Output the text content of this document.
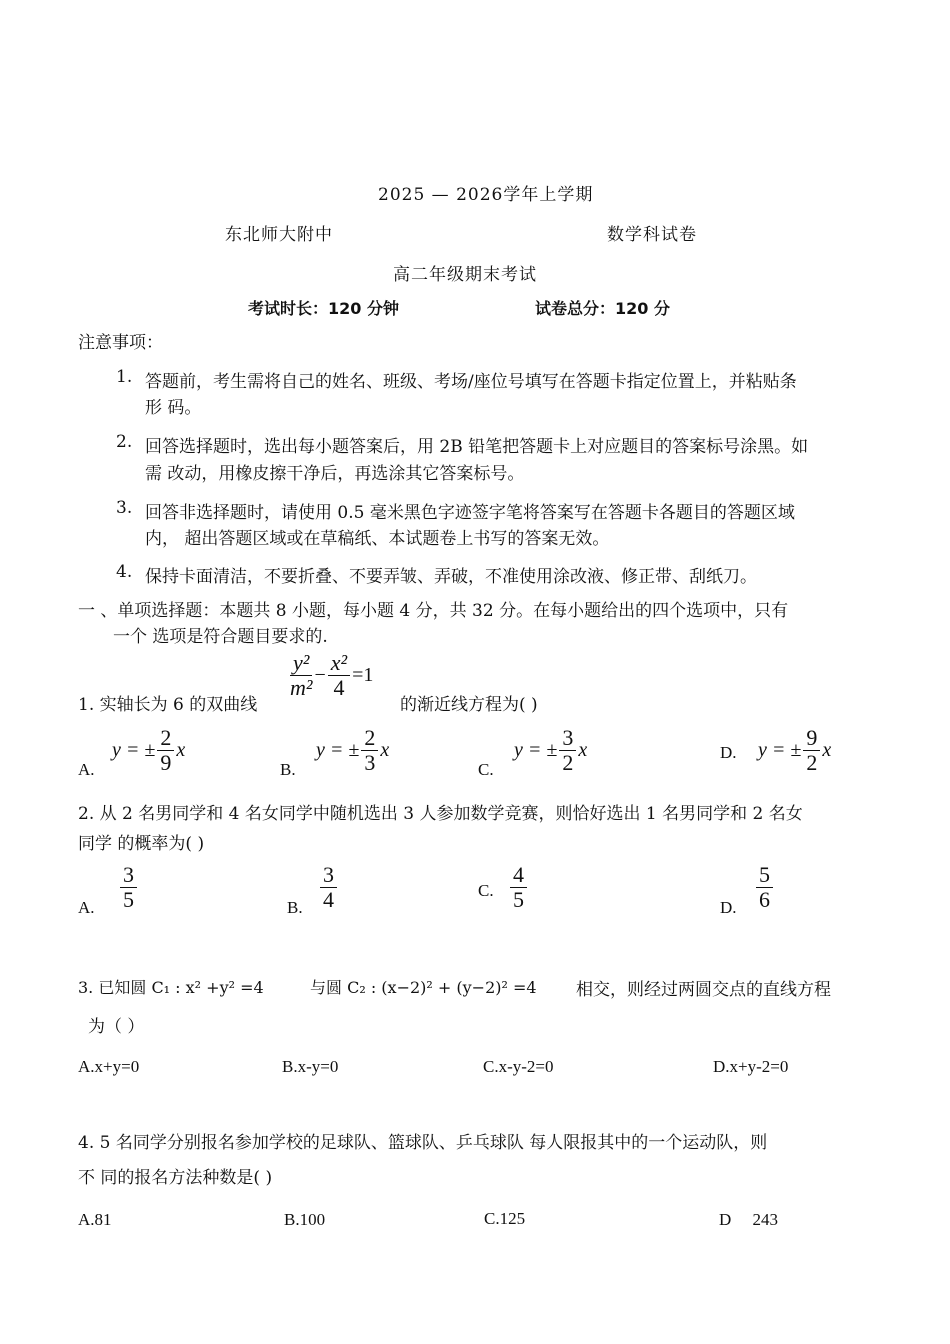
2025 — 2026学年上学期
东北师大附中	数学科试卷
高二年级期末考试
考试时长：120 分钟	试卷总分：120 分
注意事项：
1. 答题前，考生需将自己的姓名、班级、考场/座位号填写在答题卡指定位置上，并粘贴条
形 码。
2. 回答选择题时，选出每小题答案后，用 2B 铅笔把答题卡上对应题目的答案标号涂黑。如
需 改动，用橡皮擦干净后，再选涂其它答案标号。
3. 回答非选择题时，请使用 0.5 毫米黑色字迹签字笔将答案写在答题卡各题目的答题区域
内， 超出答题区域或在草稿纸、本试题卷上书写的答案无效。
4. 保持卡面清洁，不要折叠、不要弄皱、弄破，不准使用涂改液、修正带、刮纸刀。
一 、单项选择题：本题共 8 小题，每小题 4 分，共 32 分。在每小题给出的四个选项中，只有
一个 选项是符合题目要求的.
1. 实轴长为 6 的双曲线
$\frac{\text{y²}}{\text{m²}} - \frac{\text{x²}}{4} =1$
的渐近线方程为( )
A.
y = ± $\frac{2}{9}$ x
B.
y = ± $\frac{2}{3}$ x
C.
y = ± $\frac{3}{2}$ x	D. y = ± $\frac{9}{2}$ x
2. 从 2 名男同学和 4 名女同学中随机选出 3 人参加数学竞赛，则恰好选出 1 名男同学和 2 名女
同学 的概率为( )
A. $\frac{3}{5}$	B. $\frac{3}{4}$	C. $\frac{4}{5}$	D. $\frac{5}{6}$
3. 已知圆 C₁ : x² +y² =4	与圆 C₂ : (x−2)² + (y−2)² =4 相交，则经过两圆交点的直线方程
为（ ）
A.x+y=0	B.x-y=0	C.x-y-2=0	D.x+y-2=0
4. 5 名同学分别报名参加学校的足球队、篮球队、乒乓球队 每人限报其中的一个运动队，则
不 同的报名方法种数是( )
A.81	B.100	C.125	D     243
